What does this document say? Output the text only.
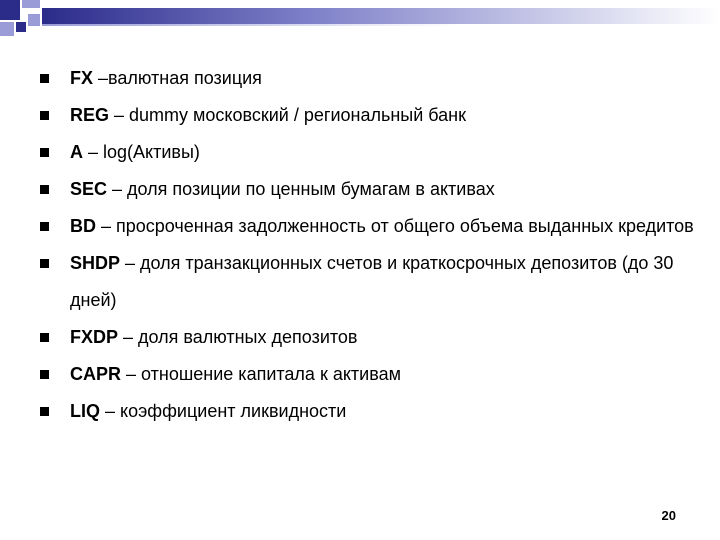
FX –валютная позиция
REG – dummy московский / региональный банк
A – log(Активы)
SEC – доля позиции по ценным бумагам в активах
BD – просроченная задолженность от общего объема выданных кредитов
SHDP – доля транзакционных счетов и краткосрочных депозитов (до 30 дней)
FXDP – доля валютных депозитов
CAPR – отношение капитала к активам
LIQ – коэффициент ликвидности
20
